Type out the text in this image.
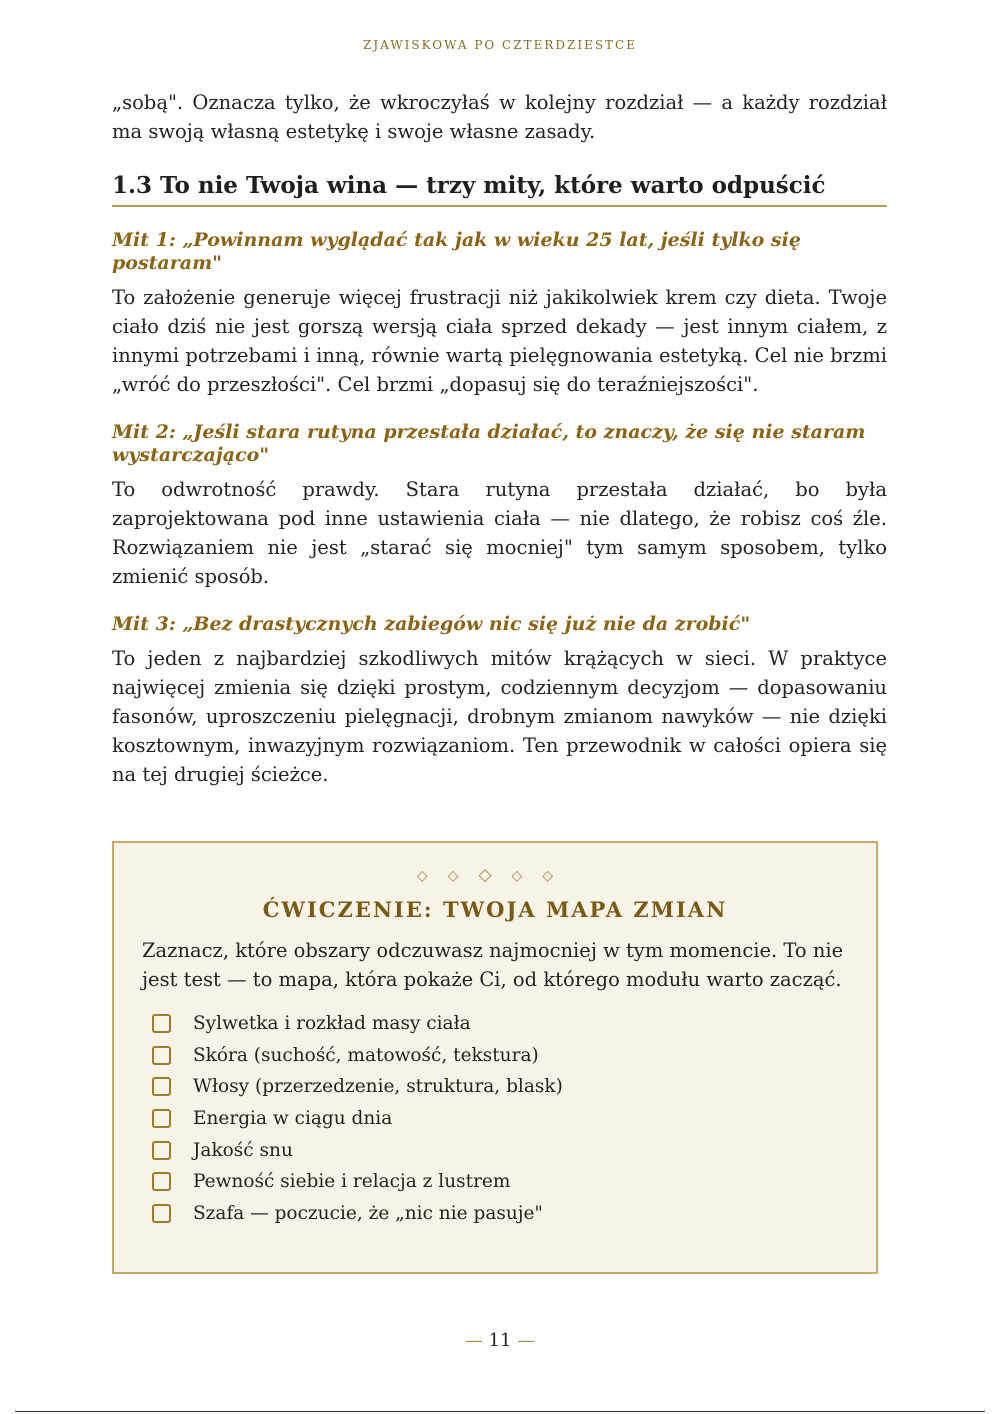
ZJAWISKOWA PO CZTERDZIESTCE

„sobą". Oznacza tylko, że wkroczyłaś w kolejny rozdział — a każdy rozdział ma swoją własną estetykę i swoje własne zasady.

1.3 To nie Twoja wina — trzy mity, które warto odpuścić
Mit 1: „Powinnam wyglądać tak jak w wieku 25 lat, jeśli tylko się postaram"

To założenie generuje więcej frustracji niż jakikolwiek krem czy dieta. Twoje ciało dziś nie jest gorszą wersją ciała sprzed dekady — jest innym ciałem, z innymi potrzebami i inną, równie wartą pielęgnowania estetyką. Cel nie brzmi „wróć do przeszłości". Cel brzmi „dopasuj się do teraźniejszości".

Mit 2: „Jeśli stara rutyna przestała działać, to znaczy, że się nie staram wystarczająco"

To odwrotność prawdy. Stara rutyna przestała działać, bo była zaprojektowana pod inne ustawienia ciała — nie dlatego, że robisz coś źle. Rozwiązaniem nie jest „starać się mocniej" tym samym sposobem, tylko zmienić sposób.

Mit 3: „Bez drastycznych zabiegów nic się już nie da zrobić"

To jeden z najbardziej szkodliwych mitów krążących w sieci. W praktyce najwięcej zmienia się dzięki prostym, codziennym decyzjom — dopasowaniu fasonów, uproszczeniu pielęgnacji, drobnym zmianom nawyków — nie dzięki kosztownym, inwazyjnym rozwiązaniom. Ten przewodnik w całości opiera się na tej drugiej ścieżce.

◇◇◇◇◇
ĆWICZENIE: TWOJA MAPA ZMIAN
Zaznacz, które obszary odczuwasz najmocniej w tym momencie. To nie jest test — to mapa, która pokaże Ci, od którego modułu warto zacząć.
Sylwetka i rozkład masy ciała
Skóra (suchość, matowość, tekstura)
Włosy (przerzedzenie, struktura, blask)
Energia w ciągu dnia
Jakość snu
Pewność siebie i relacja z lustrem
Szafa — poczucie, że „nic nie pasuje"
— 11 —
